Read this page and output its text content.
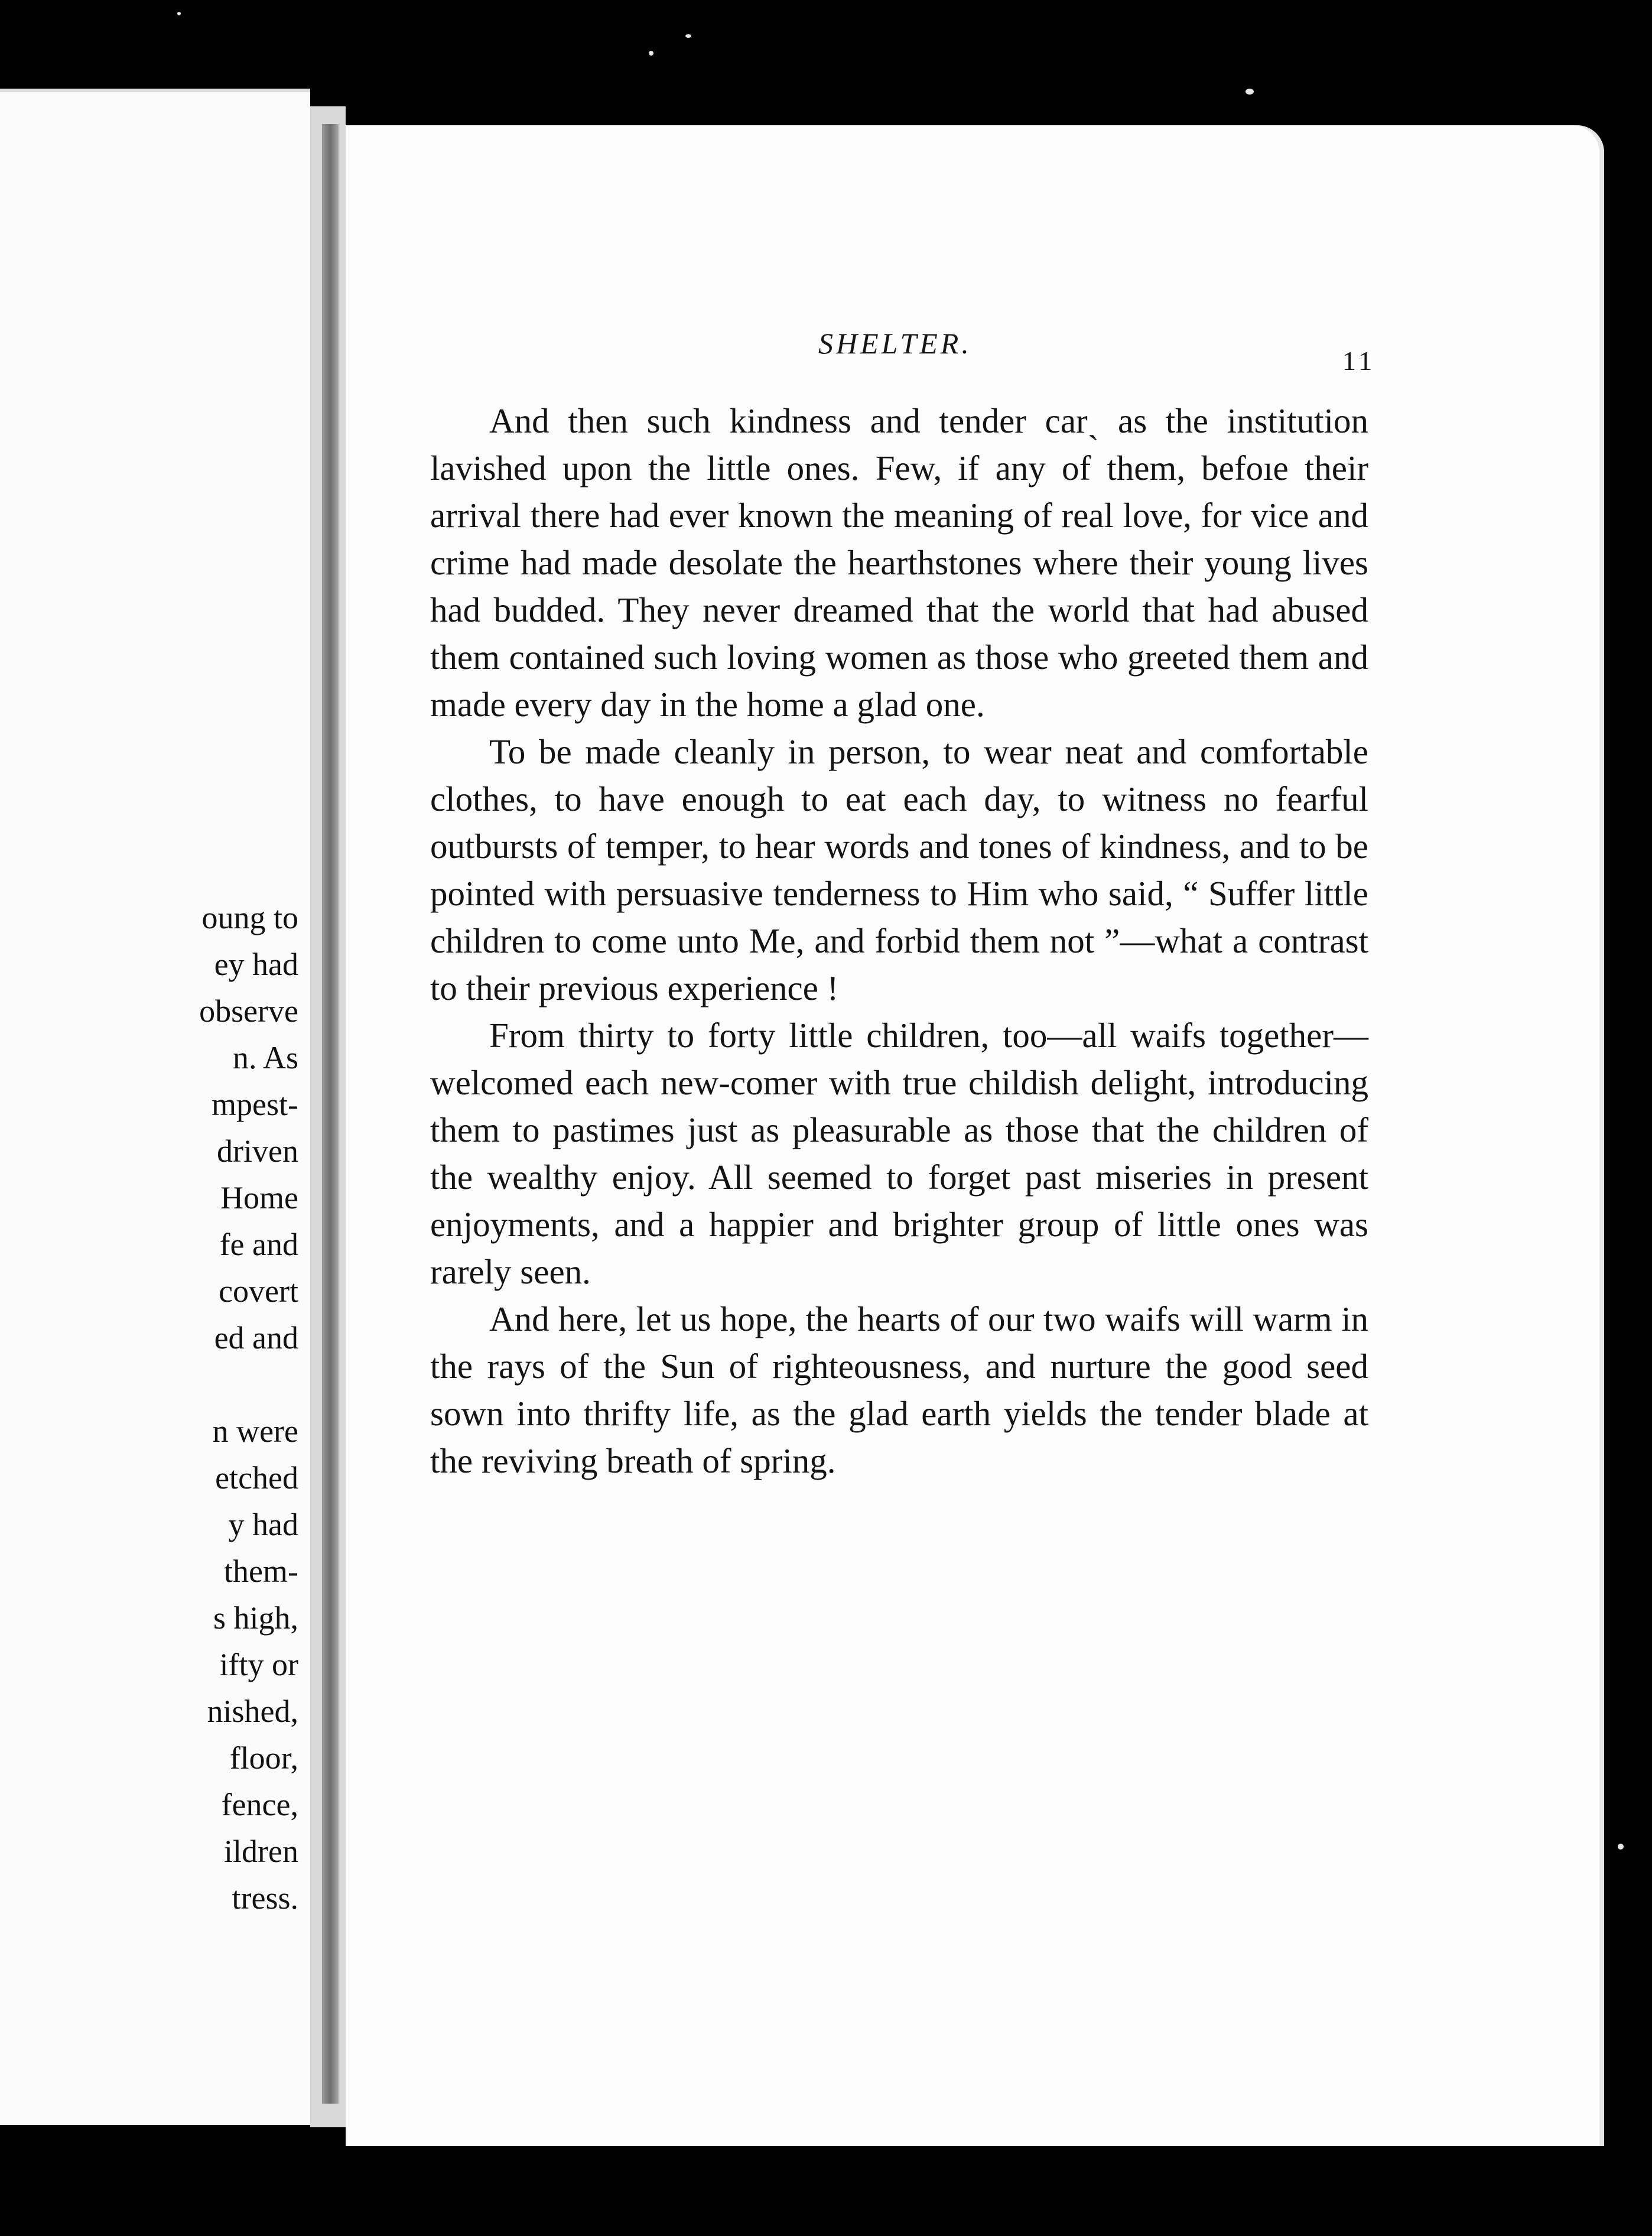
oung to
ey had
observe
n. As
mpest-
driven
Home
fe and
covert
ed and
n were
etched
y had
them-
s high,
ifty or
nished,
floor,
fence,
ildren
tress.
SHELTER.
11

And then such kindness and tender carˏ as the institution lavished upon the little ones. Few, if any of them, befoıe their arrival there had ever known the meaning of real love, for vice and crime had made desolate the hearthstones where their young lives had budded. They never dreamed that the world that had abused them contained such loving women as those who greeted them and made every day in the home a glad one.

To be made cleanly in person, to wear neat and comfortable clothes, to have enough to eat each day, to witness no fearful outbursts of temper, to hear words and tones of kindness, and to be pointed with persuasive tenderness to Him who said, “ Suffer little children to come unto Me, and forbid them not ”—what a contrast to their previous experience !

From thirty to forty little children, too—all waifs together—welcomed each new-comer with true childish delight, introducing them to pastimes just as pleasurable as those that the children of the wealthy enjoy. All seemed to forget past miseries in present enjoyments, and a happier and brighter group of little ones was rarely seen.

And here, let us hope, the hearts of our two waifs will warm in the rays of the Sun of righteousness, and nurture the good seed sown into thrifty life, as the glad earth yields the tender blade at the reviving breath of spring.
